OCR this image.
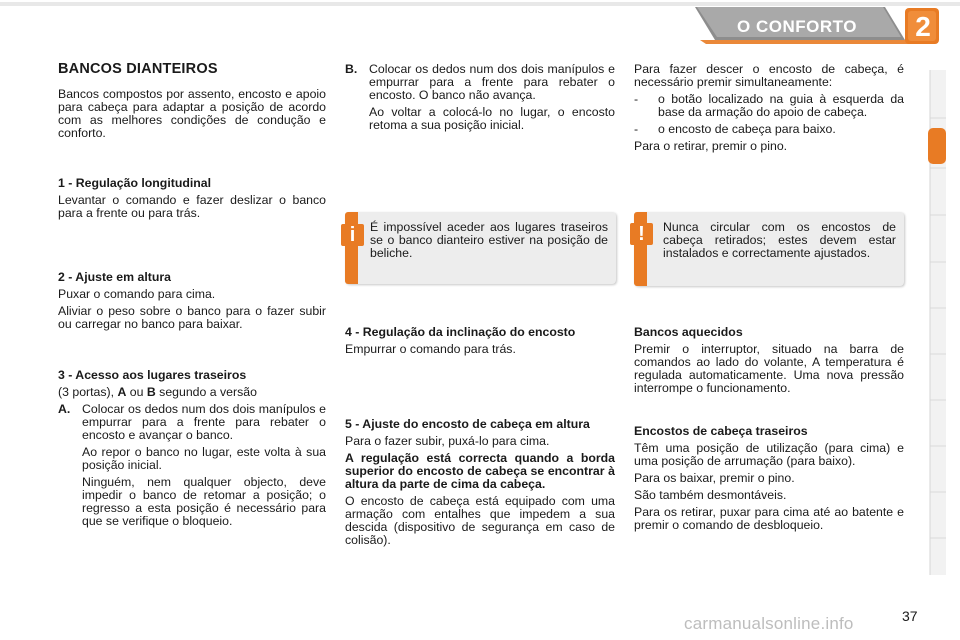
O CONFORTO	2
BANCOS DIANTEIROS

Bancos compostos por assento, encosto e apoio para cabeça para adaptar a posição de acordo com as melhores condições de condução e conforto.

1 - Regulação longitudinal

Levantar o comando e fazer deslizar o banco para a frente ou para trás.

2 - Ajuste em altura

Puxar o comando para cima.

Aliviar o peso sobre o banco para o fazer subir ou carregar no banco para baixar.

3 - Acesso aos lugares traseiros

(3 portas), A ou B segundo a versão

A. Colocar os dedos num dos dois manípulos e empurrar para a frente para rebater o encosto e avançar o banco.

Ao repor o banco no lugar, este volta à sua posição inicial.

Ninguém, nem qualquer objecto, deve impedir o banco de retomar a posição; o regresso a esta posição é necessário para que se verifique o bloqueio.

B. Colocar os dedos num dos dois manípulos e empurrar para a frente para rebater o encosto. O banco não avança.

Ao voltar a colocá-lo no lugar, o encosto retoma a sua posição inicial.

i	É impossível aceder aos lugares traseiros se o banco dianteiro estiver na posição de beliche.

4 - Regulação da inclinação do encosto

Empurrar o comando para trás.

5 - Ajuste do encosto de cabeça em altura

Para o fazer subir, puxá-lo para cima.

A regulação está correcta quando a borda superior do encosto de cabeça se encontrar à altura da parte de cima da cabeça.

O encosto de cabeça está equipado com uma armação com entalhes que impedem a sua descida (dispositivo de segurança em caso de colisão).

Para fazer descer o encosto de cabeça, é necessário premir simultaneamente:

-	o botão localizado na guia à esquerda da base da armação do apoio de cabeça.

-	o encosto de cabeça para baixo.

Para o retirar, premir o pino.

!	Nunca circular com os encostos de cabeça retirados; estes devem estar instalados e correctamente ajustados.

Bancos aquecidos

Premir o interruptor, situado na barra de comandos ao lado do volante, A temperatura é regulada automaticamente. Uma nova pressão interrompe o funcionamento.

Encostos de cabeça traseiros

Têm uma posição de utilização (para cima) e uma posição de arrumação (para baixo).

Para os baixar, premir o pino.

São também desmontáveis.

Para os retirar, puxar para cima até ao batente e premir o comando de desbloqueio.

37
carmanualsonline.info
